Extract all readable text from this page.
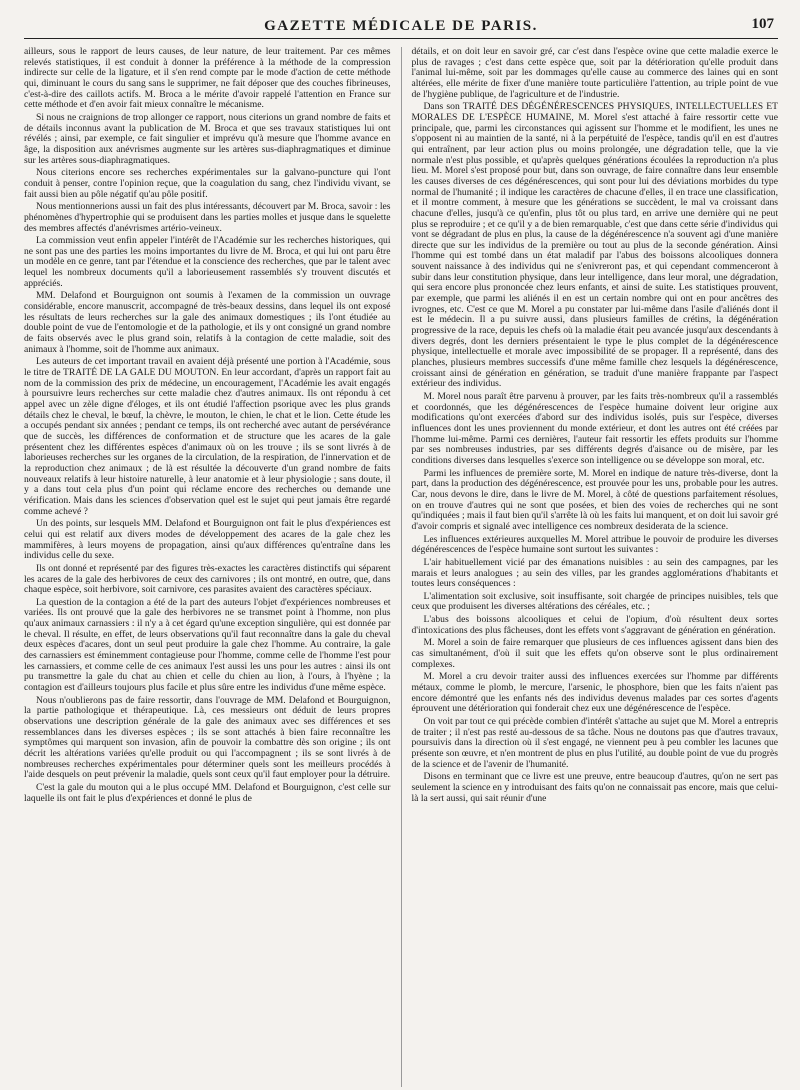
GAZETTE MÉDICALE DE PARIS.	107

ailleurs, sous le rapport de leurs causes, de leur nature, de leur traitement. Par ces mêmes relevés statistiques, il est conduit à donner la préférence à la méthode de la compression indirecte sur celle de la ligature, et il s'en rend compte par le mode d'action de cette méthode qui, diminuant le cours du sang sans le supprimer, ne fait déposer que des couches fibrineuses, c'est-à-dire des caillots actifs. M. Broca a le mérite d'avoir rappelé l'attention en France sur cette méthode et d'en avoir fait mieux connaître le mécanisme.

Si nous ne craignions de trop allonger ce rapport, nous citerions un grand nombre de faits et de détails inconnus avant la publication de M. Broca et que ses travaux statistiques lui ont révélés ; ainsi, par exemple, ce fait singulier et imprévu qu'à mesure que l'homme avance en âge, la disposition aux anévrismes augmente sur les artères sus-diaphragmatiques et diminue sur les artères sous-diaphragmatiques.

Nous citerions encore ses recherches expérimentales sur la galvano-puncture qui l'ont conduit à penser, contre l'opinion reçue, que la coagulation du sang, chez l'individu vivant, se fait aussi bien au pôle négatif qu'au pôle positif.

Nous mentionnerions aussi un fait des plus intéressants, découvert par M. Broca, savoir : les phénomènes d'hypertrophie qui se produisent dans les parties molles et jusque dans le squelette des membres affectés d'anévrismes artério-veineux.

La commission veut enfin appeler l'intérêt de l'Académie sur les recherches historiques, qui ne sont pas une des parties les moins importantes du livre de M. Broca, et qui lui ont paru être un modèle en ce genre, tant par l'étendue et la conscience des recherches, que par le talent avec lequel les nombreux documents qu'il a laborieusement rassemblés s'y trouvent discutés et appréciés.

MM. Delafond et Bourguignon ont soumis à l'examen de la commission un ouvrage considérable, encore manuscrit, accompagné de très-beaux dessins, dans lequel ils ont exposé les résultats de leurs recherches sur la gale des animaux domestiques ; ils l'ont étudiée au double point de vue de l'entomologie et de la pathologie, et ils y ont consigné un grand nombre de faits observés avec le plus grand soin, relatifs à la contagion de cette maladie, soit des animaux à l'homme, soit de l'homme aux animaux.

Les auteurs de cet important travail en avaient déjà présenté une portion à l'Académie, sous le titre de TRAITÉ DE LA GALE DU MOUTON. En leur accordant, d'après un rapport fait au nom de la commission des prix de médecine, un encouragement, l'Académie les avait engagés à poursuivre leurs recherches sur cette maladie chez d'autres animaux. Ils ont répondu à cet appel avec un zèle digne d'éloges, et ils ont étudié l'affection psorique avec les plus grands détails chez le cheval, le bœuf, la chèvre, le mouton, le chien, le chat et le lion. Cette étude les a occupés pendant six années ; pendant ce temps, ils ont recherché avec autant de persévérance que de succès, les différences de conformation et de structure que les acares de la gale présentent chez les différentes espèces d'animaux où on les trouve ; ils se sont livrés à de laborieuses recherches sur les organes de la circulation, de la respiration, de l'innervation et de la reproduction chez animaux ; de là est résultée la découverte d'un grand nombre de faits nouveaux relatifs à leur histoire naturelle, à leur anatomie et à leur physiologie ; sans doute, il y a dans tout cela plus d'un point qui réclame encore des recherches ou demande une vérification. Mais dans les sciences d'observation quel est le sujet qui peut jamais être regardé comme achevé ?

Un des points, sur lesquels MM. Delafond et Bourguignon ont fait le plus d'expériences est celui qui est relatif aux divers modes de développement des acares de la gale chez les mammifères, à leurs moyens de propagation, ainsi qu'aux différences qu'entraîne dans les individus celle du sexe.

Ils ont donné et représenté par des figures très-exactes les caractères distinctifs qui séparent les acares de la gale des herbivores de ceux des carnivores ; ils ont montré, en outre, que, dans chaque espèce, soit herbivore, soit carnivore, ces parasites avaient des caractères spéciaux.

La question de la contagion a été de la part des auteurs l'objet d'expériences nombreuses et variées. Ils ont prouvé que la gale des herbivores ne se transmet point à l'homme, non plus qu'aux animaux carnassiers : il n'y a à cet égard qu'une exception singulière, qui est donnée par le cheval. Il résulte, en effet, de leurs observations qu'il faut reconnaître dans la gale du cheval deux espèces d'acares, dont un seul peut produire la gale chez l'homme. Au contraire, la gale des carnassiers est éminemment contagieuse pour l'homme, comme celle de l'homme l'est pour les carnassiers, et comme celle de ces animaux l'est aussi les uns pour les autres : ainsi ils ont pu transmettre la gale du chat au chien et celle du chien au lion, à l'ours, à l'hyène ; la contagion est d'ailleurs toujours plus facile et plus sûre entre les individus d'une même espèce.

Nous n'oublierons pas de faire ressortir, dans l'ouvrage de MM. Delafond et Bourguignon, la partie pathologique et thérapeutique. Là, ces messieurs ont déduit de leurs propres observations une description générale de la gale des animaux avec ses différences et ses ressemblances dans les diverses espèces ; ils se sont attachés à bien faire reconnaître les symptômes qui marquent son invasion, afin de pouvoir la combattre dès son origine ; ils ont décrit les altérations variées qu'elle produit ou qui l'accompagnent ; ils se sont livrés à de nombreuses recherches expérimentales pour déterminer quels sont les meilleurs procédés à l'aide desquels on peut prévenir la maladie, quels sont ceux qu'il faut employer pour la détruire.

C'est la gale du mouton qui a le plus occupé MM. Delafond et Bourguignon, c'est celle sur laquelle ils ont fait le plus d'expériences et donné le plus de

détails, et on doit leur en savoir gré, car c'est dans l'espèce ovine que cette maladie exerce le plus de ravages ; c'est dans cette espèce que, soit par la détérioration qu'elle produit dans l'animal lui-même, soit par les dommages qu'elle cause au commerce des laines qui en sont altérées, elle mérite de fixer d'une manière toute particulière l'attention, au triple point de vue de l'hygiène publique, de l'agriculture et de l'industrie.

Dans son TRAITÉ DES DÉGÉNÉRESCENCES PHYSIQUES, INTELLECTUELLES ET MORALES DE L'ESPÈCE HUMAINE, M. Morel s'est attaché à faire ressortir cette vue principale, que, parmi les circonstances qui agissent sur l'homme et le modifient, les unes ne s'opposent ni au maintien de la santé, ni à la perpétuité de l'espèce, tandis qu'il en est d'autres qui entraînent, par leur action plus ou moins prolongée, une dégradation telle, que la vie normale n'est plus possible, et qu'après quelques générations écoulées la reproduction n'a plus lieu. M. Morel s'est proposé pour but, dans son ouvrage, de faire connaître dans leur ensemble les causes diverses de ces dégénérescences, qui sont pour lui des déviations morbides du type normal de l'humanité ; il indique les caractères de chacune d'elles, il en trace une classification, et il montre comment, à mesure que les générations se succèdent, le mal va croissant dans chacune d'elles, jusqu'à ce qu'enfin, plus tôt ou plus tard, en arrive une dernière qui ne peut plus se reproduire ; et ce qu'il y a de bien remarquable, c'est que dans cette série d'individus qui vont se dégradant de plus en plus, la cause de la dégénérescence n'a souvent agi d'une manière directe que sur les individus de la première ou tout au plus de la seconde génération. Ainsi l'homme qui est tombé dans un état maladif par l'abus des boissons alcooliques donnera souvent naissance à des individus qui ne s'enivreront pas, et qui cependant commenceront à subir dans leur constitution physique, dans leur intelligence, dans leur moral, une dégradation, qui sera encore plus prononcée chez leurs enfants, et ainsi de suite. Les statistiques prouvent, par exemple, que parmi les aliénés il en est un certain nombre qui ont en pour ancêtres des ivrognes, etc. C'est ce que M. Morel a pu constater par lui-même dans l'asile d'aliénés dont il est le médecin. Il a pu suivre aussi, dans plusieurs familles de crétins, la dégénération progressive de la race, depuis les chefs où la maladie était peu avancée jusqu'aux descendants à divers degrés, dont les derniers présentaient le type le plus complet de la dégénérescence physique, intellectuelle et morale avec impossibilité de se propager. Il a représenté, dans des planches, plusieurs membres successifs d'une même famille chez lesquels la dégénérescence, croissant ainsi de génération en génération, se traduit d'une manière frappante par l'aspect extérieur des individus.

M. Morel nous paraît être parvenu à prouver, par les faits très-nombreux qu'il a rassemblés et coordonnés, que les dégénérescences de l'espèce humaine doivent leur origine aux modifications qu'ont exercées d'abord sur des individus isolés, puis sur l'espèce, diverses influences dont les unes proviennent du monde extérieur, et dont les autres ont été créées par l'homme lui-même. Parmi ces dernières, l'auteur fait ressortir les effets produits sur l'homme par ses nombreuses industries, par ses différents degrés d'aisance ou de misère, par les conditions diverses dans lesquelles s'exerce son intelligence ou se développe son moral, etc.

Parmi les influences de première sorte, M. Morel en indique de nature très-diverse, dont la part, dans la production des dégénérescence, est prouvée pour les uns, probable pour les autres. Car, nous devons le dire, dans le livre de M. Morel, à côté de questions parfaitement résolues, on en trouve d'autres qui ne sont que posées, et bien des voies de recherches qui ne sont qu'indiquées ; mais il faut bien qu'il s'arrête là où les faits lui manquent, et on doit lui savoir gré d'avoir compris et signalé avec intelligence ces nombreux desiderata de la science.

Les influences extérieures auxquelles M. Morel attribue le pouvoir de produire les diverses dégénérescences de l'espèce humaine sont surtout les suivantes :

L'air habituellement vicié par des émanations nuisibles : au sein des campagnes, par les marais et leurs analogues ; au sein des villes, par les grandes agglomérations d'habitants et toutes leurs conséquences :

L'alimentation soit exclusive, soit insuffisante, soit chargée de principes nuisibles, tels que ceux que produisent les diverses altérations des céréales, etc. ;

L'abus des boissons alcooliques et celui de l'opium, d'où résultent deux sortes d'intoxications des plus fâcheuses, dont les effets vont s'aggravant de génération en génération.

M. Morel a soin de faire remarquer que plusieurs de ces influences agissent dans bien des cas simultanément, d'où il suit que les effets qu'on observe sont le plus ordinairement complexes.

M. Morel a cru devoir traiter aussi des influences exercées sur l'homme par différents métaux, comme le plomb, le mercure, l'arsenic, le phosphore, bien que les faits n'aient pas encore démontré que les enfants nés des individus devenus malades par ces sortes d'agents éprouvent une détérioration qui fonderait chez eux une dégénérescence de l'espèce.

On voit par tout ce qui précède combien d'intérêt s'attache au sujet que M. Morel a entrepris de traiter ; il n'est pas resté au-dessous de sa tâche. Nous ne doutons pas que d'autres travaux, poursuivis dans la direction où il s'est engagé, ne viennent peu à peu combler les lacunes que présente son œuvre, et n'en montrent de plus en plus l'utilité, au double point de vue du progrès de la science et de l'avenir de l'humanité.

Disons en terminant que ce livre est une preuve, entre beaucoup d'autres, qu'on ne sert pas seulement la science en y introduisant des faits qu'on ne connaissait pas encore, mais que celui-là la sert aussi, qui sait réunir d'une
